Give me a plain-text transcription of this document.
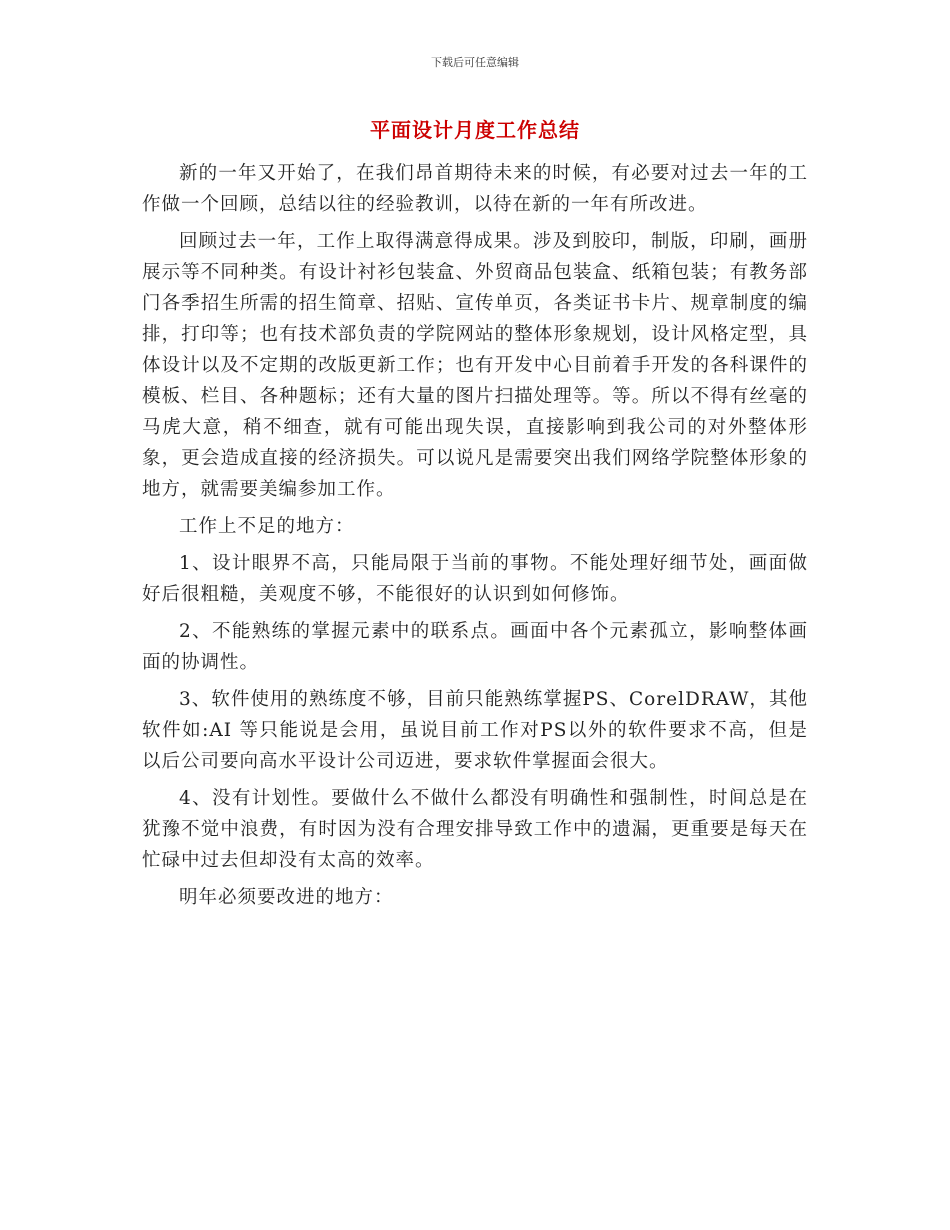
下载后可任意编辑
平面设计月度工作总结

新的一年又开始了，在我们昂首期待未来的时候，有必要对过去一年的工作做一个回顾，总结以往的经验教训，以待在新的一年有所改进。

回顾过去一年，工作上取得满意得成果。涉及到胶印，制版，印刷，画册展示等不同种类。有设计衬衫包装盒、外贸商品包装盒、纸箱包装；有教务部门各季招生所需的招生简章、招贴、宣传单页，各类证书卡片、规章制度的编排，打印等；也有技术部负责的学院网站的整体形象规划，设计风格定型，具体设计以及不定期的改版更新工作；也有开发中心目前着手开发的各科课件的模板、栏目、各种题标；还有大量的图片扫描处理等。等。所以不得有丝毫的马虎大意，稍不细查，就有可能出现失误，直接影响到我公司的对外整体形象，更会造成直接的经济损失。可以说凡是需要突出我们网络学院整体形象的地方，就需要美编参加工作。

工作上不足的地方：

1、设计眼界不高，只能局限于当前的事物。不能处理好细节处，画面做好后很粗糙，美观度不够，不能很好的认识到如何修饰。

2、不能熟练的掌握元素中的联系点。画面中各个元素孤立，影响整体画面的协调性。

3、软件使用的熟练度不够，目前只能熟练掌握PS、CorelDRAW，其他软件如:AI 等只能说是会用，虽说目前工作对PS以外的软件要求不高，但是以后公司要向高水平设计公司迈进，要求软件掌握面会很大。

4、没有计划性。要做什么不做什么都没有明确性和强制性，时间总是在犹豫不觉中浪费，有时因为没有合理安排导致工作中的遗漏，更重要是每天在忙碌中过去但却没有太高的效率。

明年必须要改进的地方：
